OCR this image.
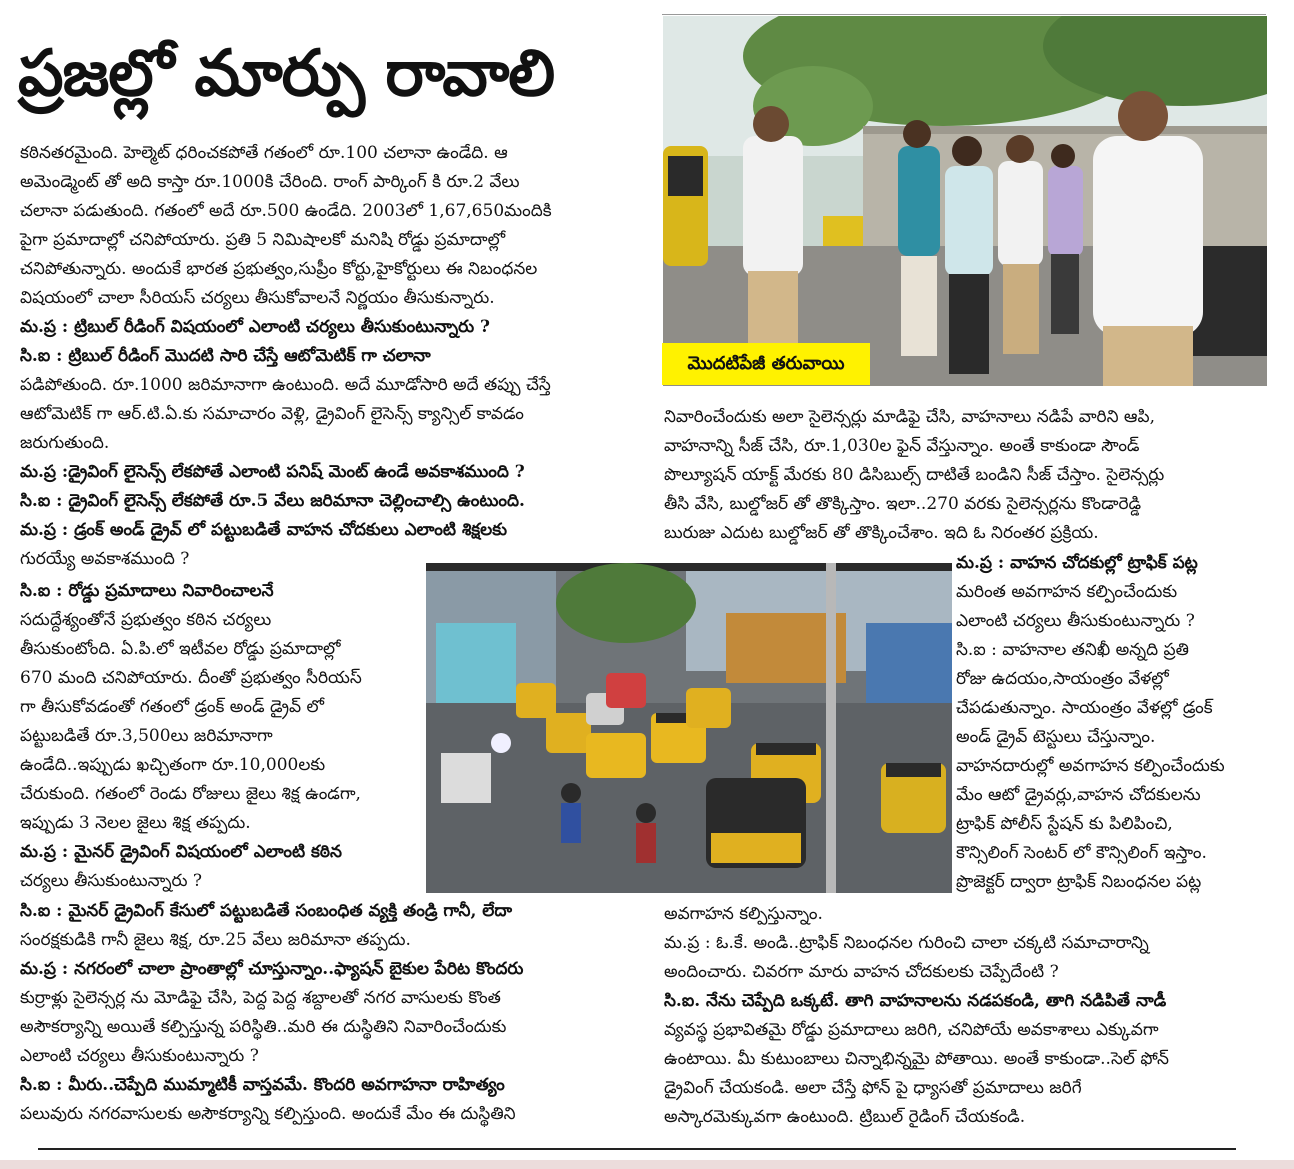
ప్రజల్లో మార్పు రావాలి

కఠినతరమైంది. హెల్మెట్ ధరించకపోతే గతంలో రూ.100 చలానా ఉండేది. ఆ

అమెండ్మెంట్ తో అది కాస్తా రూ.1000కి చేరింది. రాంగ్ పార్కింగ్ కి రూ.2 వేలు

చలానా పడుతుంది. గతంలో అదే రూ.500 ఉండేది. 2003లో 1,67,650మందికి

పైగా ప్రమాదాల్లో చనిపోయారు. ప్రతి 5 నిమిషాలకో మనిషి రోడ్డు ప్రమాదాల్లో

చనిపోతున్నారు. అందుకే భారత ప్రభుత్వం,సుప్రీం కోర్టు,హైకోర్టులు ఈ నిబంధనల

విషయంలో చాలా సీరియస్ చర్యలు తీసుకోవాలనే నిర్ణయం తీసుకున్నారు.

మ.ప్ర : ట్రిబుల్ రీడింగ్ విషయంలో ఎలాంటి చర్యలు తీసుకుంటున్నారు ?

సి.ఐ : ట్రిబుల్ రీడింగ్ మొదటి సారి చేస్తే ఆటోమెటిక్ గా చలానా

పడిపోతుంది. రూ.1000 జరిమానాగా ఉంటుంది. అదే మూడోసారి అదే తప్పు చేస్తే

ఆటోమెటిక్ గా ఆర్.టి.ఏ.కు సమాచారం వెళ్లి, డ్రైవింగ్ లైసెన్స్ క్యాన్సిల్ కావడం

జరుగుతుంది.

మ.ప్ర :డ్రైవింగ్ లైసెన్స్ లేకపోతే ఎలాంటి పనిష్ మెంట్ ఉండే అవకాశముంది ?

సి.ఐ : డ్రైవింగ్ లైసెన్స్ లేకపోతే రూ.5 వేలు జరిమానా చెల్లించాల్సి ఉంటుంది.

మ.ప్ర : డ్రంక్ అండ్ డ్రైవ్ లో పట్టుబడితే వాహన చోదకులు ఎలాంటి శిక్షలకు

గురయ్యే అవకాశముంది ?

సి.ఐ : రోడ్డు ప్రమాదాలు నివారించాలనే

సదుద్దేశ్యంతోనే ప్రభుత్వం కఠిన చర్యలు

తీసుకుంటోంది. ఏ.పి.లో ఇటీవల రోడ్డు ప్రమాదాల్లో

670 మంది చనిపోయారు. దీంతో ప్రభుత్వం సీరియస్

గా తీసుకోవడంతో గతంలో డ్రంక్ అండ్ డ్రైవ్ లో

పట్టుబడితే రూ.3,500లు జరిమానాగా

ఉండేది..ఇప్పుడు ఖచ్చితంగా రూ.10,000లకు

చేరుకుంది. గతంలో రెండు రోజులు జైలు శిక్ష ఉండగా,

ఇప్పుడు 3 నెలల జైలు శిక్ష తప్పదు.

మ.ప్ర : మైనర్ డ్రైవింగ్ విషయంలో ఎలాంటి కఠిన

చర్యలు తీసుకుంటున్నారు ?

సి.ఐ : మైనర్ డ్రైవింగ్ కేసులో పట్టుబడితే సంబంధిత వ్యక్తి తండ్రి గానీ, లేదా

సంరక్షకుడికి గానీ జైలు శిక్ష, రూ.25 వేలు జరిమానా తప్పదు.

మ.ప్ర : నగరంలో చాలా ప్రాంతాల్లో చూస్తున్నాం..ఫ్యాషన్ బైకుల పేరిట కొందరు

కుర్రాళ్లు సైలెన్సర్ల ను మోడిఫై చేసి, పెద్ద పెద్ద శబ్దాలతో నగర వాసులకు కొంత

అసౌకర్యాన్ని అయితే కల్పిస్తున్న పరిస్థితి..మరి ఈ దుస్థితిని నివారించేందుకు

ఎలాంటి చర్యలు తీసుకుంటున్నారు ?

సి.ఐ : మీరు..చెప్పేది ముమ్మాటికీ వాస్తవమే. కొందరి అవగాహనా రాహిత్యం

పలువురు నగరవాసులకు అసౌకర్యాన్ని కల్పిస్తుంది. అందుకే మేం ఈ దుస్థితిని

నివారించేందుకు అలా సైలెన్సర్లు మాడిఫై చేసి, వాహనాలు నడిపే వారిని ఆపి,

వాహనాన్ని సీజ్ చేసి, రూ.1,030ల ఫైన్ వేస్తున్నాం. అంతే కాకుండా సౌండ్

పొల్యూషన్ యాక్ట్ మేరకు 80 డిసిబుల్స్ దాటితే బండిని సీజ్ చేస్తాం. సైలెన్సర్లు

తీసి వేసి, బుల్డోజర్ తో తొక్కిస్తాం. ఇలా..270 వరకు సైలెన్సర్లను కొండారెడ్డి

బురుజు ఎదుట బుల్డోజర్ తో తొక్కించేశాం. ఇది ఓ నిరంతర ప్రక్రియ.

మ.ప్ర : వాహన చోదకుల్లో ట్రాఫిక్ పట్ల

మరింత అవగాహన కల్పించేందుకు

ఎలాంటి చర్యలు తీసుకుంటున్నారు ?

సి.ఐ : వాహనాల తనిఖీ అన్నది ప్రతి

రోజు ఉదయం,సాయంత్రం వేళల్లో

చేపడుతున్నాం. సాయంత్రం వేళల్లో డ్రంక్

అండ్ డ్రైవ్ టెస్టులు చేస్తున్నాం.

వాహనదారుల్లో అవగాహన కల్పించేందుకు

మేం ఆటో డ్రైవర్లు,వాహన చోదకులను

ట్రాఫిక్ పోలీస్ స్టేషన్ కు పిలిపించి,

కౌన్సిలింగ్ సెంటర్ లో కౌన్సిలింగ్ ఇస్తాం.

ప్రొజెక్టర్ ద్వారా ట్రాఫిక్ నిబంధనల పట్ల

అవగాహన కల్పిస్తున్నాం.

మ.ప్ర : ఓ.కే. అండి..ట్రాఫిక్ నిబంధనల గురించి చాలా చక్కటి సమాచారాన్ని

అందించారు. చివరగా మారు వాహన చోదకులకు చెప్పేదేంటి ?

సి.ఐ. నేను చెప్పేది ఒక్కటే. తాగి వాహనాలను నడపకండి, తాగి నడిపితే నాడీ

వ్యవస్థ ప్రభావితమై రోడ్డు ప్రమాదాలు జరిగి, చనిపోయే అవకాశాలు ఎక్కువగా

ఉంటాయి. మీ కుటుంబాలు చిన్నాభిన్నమై పోతాయి. అంతే కాకుండా..సెల్ ఫోన్

డ్రైవింగ్ చేయకండి. అలా చేస్తే ఫోన్ పై ధ్యాసతో ప్రమాదాలు జరిగే

అస్కారమెక్కువగా ఉంటుంది. ట్రిబుల్ రైడింగ్ చేయకండి.

మొదటిపేజీ తరువాయి
